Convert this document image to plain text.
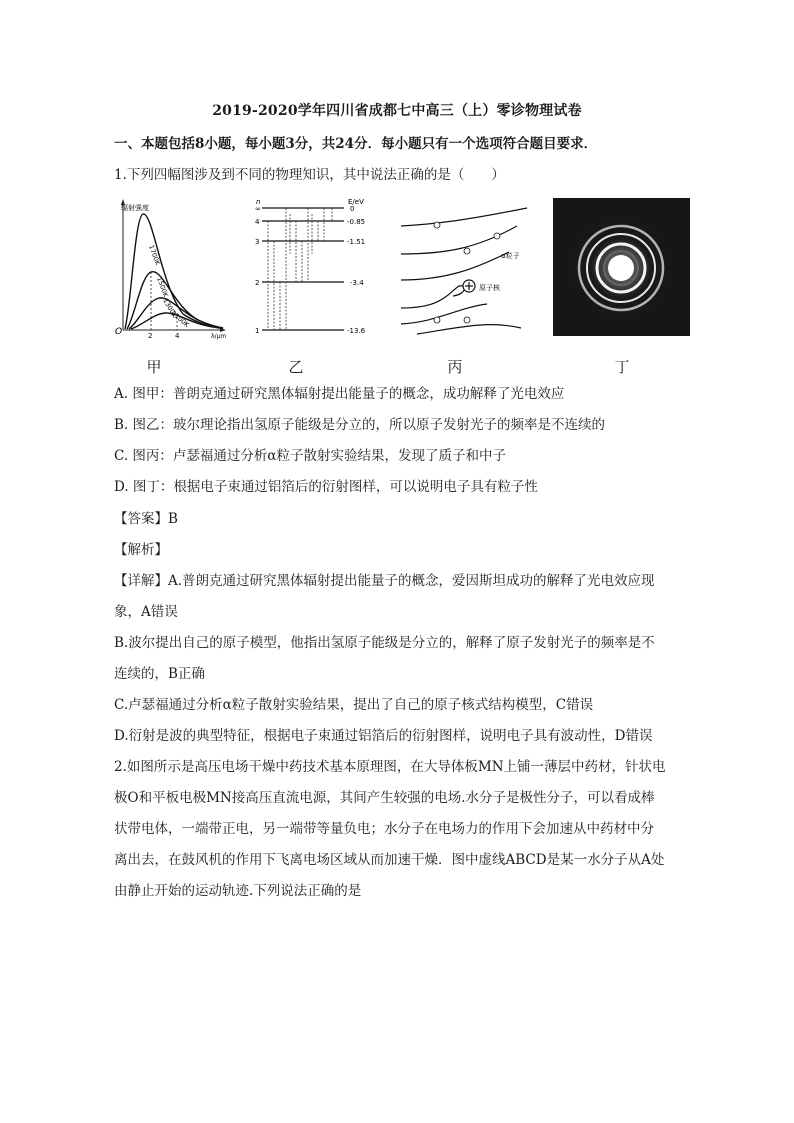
2019-2020学年四川省成都七中高三（上）零诊物理试卷
一、本题包括8小题，每小题3分，共24分．每小题只有一个选项符合题目要求．
1.下列四幅图涉及到不同的物理知识，其中说法正确的是（　　）
辐射强度
O	λ/μm
2	4
1700K
1500K
1300K
1100K
n	E/eV
∞	0
4	-0.85
3	-1.51
2	-3.4
1	-13.6
α粒子
原子核
甲	乙	丙	丁
A. 图甲：普朗克通过研究黑体辐射提出能量子的概念，成功解释了光电效应
B. 图乙：玻尔理论指出氢原子能级是分立的，所以原子发射光子的频率是不连续的
C. 图丙：卢瑟福通过分析α粒子散射实验结果，发现了质子和中子
D. 图丁：根据电子束通过铝箔后的衍射图样，可以说明电子具有粒子性
【答案】B
【解析】
【详解】A.普朗克通过研究黑体辐射提出能量子的概念，爱因斯坦成功的解释了光电效应现
象，A错误
B.波尔提出自己的原子模型，他指出氢原子能级是分立的，解释了原子发射光子的频率是不
连续的，B正确
C.卢瑟福通过分析α粒子散射实验结果，提出了自己的原子核式结构模型，C错误
D.衍射是波的典型特征，根据电子束通过铝箔后的衍射图样，说明电子具有波动性，D错误
2.如图所示是高压电场干燥中药技术基本原理图，在大导体板MN上铺一薄层中药材，针状电
极O和平板电极MN接高压直流电源，其间产生较强的电场.水分子是极性分子，可以看成棒
状带电体，一端带正电，另一端带等量负电；水分子在电场力的作用下会加速从中药材中分
离出去，在鼓风机的作用下飞离电场区域从而加速干燥．图中虚线ABCD是某一水分子从A处
由静止开始的运动轨迹.下列说法正确的是
